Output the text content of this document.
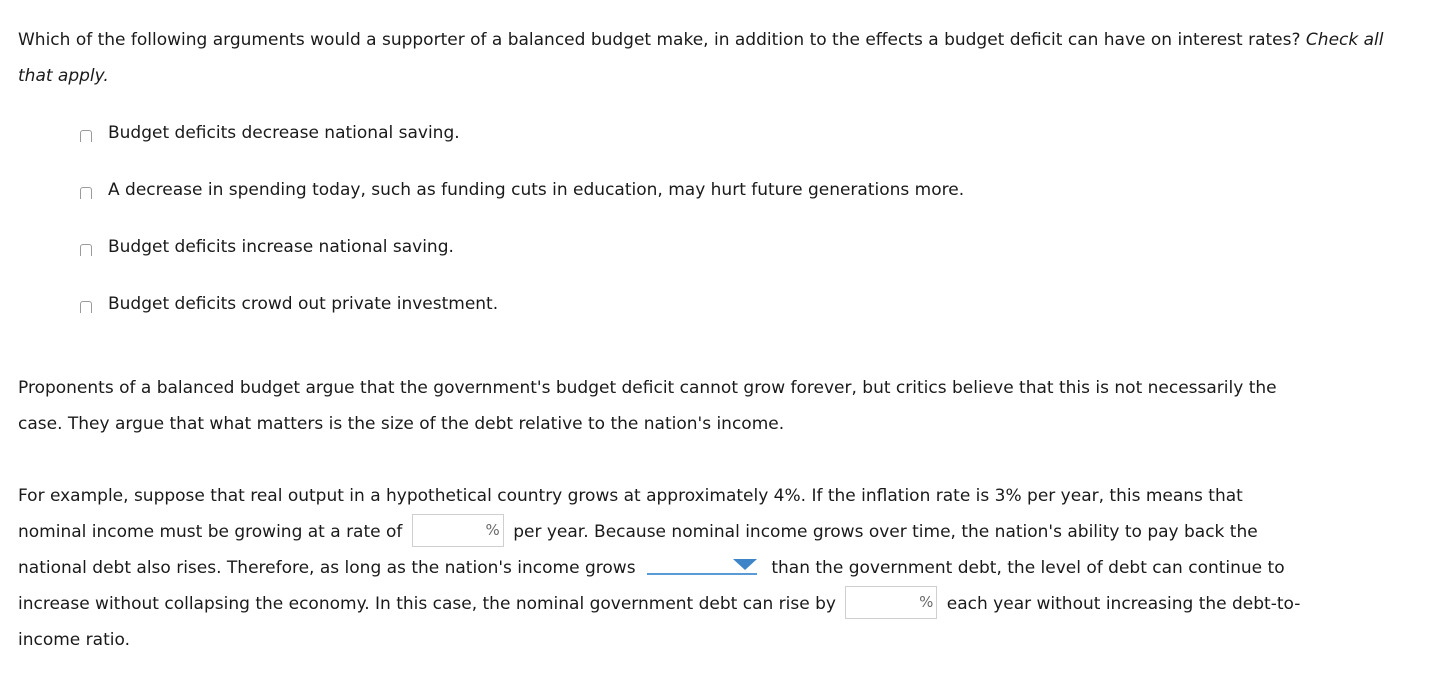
Which of the following arguments would a supporter of a balanced budget make, in addition to the effects a budget deficit can have on interest rates? Check all that apply.
Budget deficits decrease national saving.
A decrease in spending today, such as funding cuts in education, may hurt future generations more.
Budget deficits increase national saving.
Budget deficits crowd out private investment.
Proponents of a balanced budget argue that the government's budget deficit cannot grow forever, but critics believe that this is not necessarily the
case. They argue that what matters is the size of the debt relative to the nation's income.
For example, suppose that real output in a hypothetical country grows at approximately 4%. If the inflation rate is 3% per year, this means that
nominal income must be growing at a rate of	% per year. Because nominal income grows over time, the nation's ability to pay back the
national debt also rises. Therefore, as long as the nation's income grows	than the government debt, the level of debt can continue to
increase without collapsing the economy. In this case, the nominal government debt can rise by	% each year without increasing the debt-to-
income ratio.
